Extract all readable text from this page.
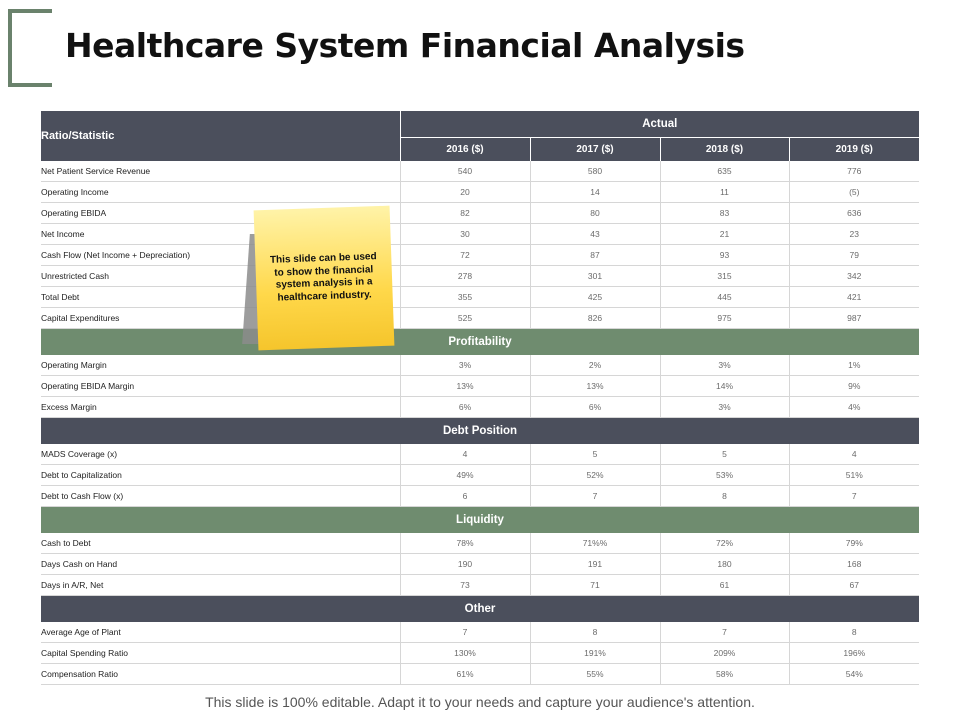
Healthcare System Financial Analysis
Ratio/Statistic	Actual			
	2016 ($)	2017 ($)	2018 ($)	2019 ($)
Net Patient Service Revenue	540	580	635	776
Operating Income	20	14	11	(5)
Operating EBIDA	82	80	83	636
Net Income	30	43	21	23
Cash Flow (Net Income + Depreciation)	72	87	93	79
Unrestricted Cash	278	301	315	342
Total Debt	355	425	445	421
Capital Expenditures	525	826	975	987
Profitability				
Operating Margin	3%	2%	3%	1%
Operating EBIDA Margin	13%	13%	14%	9%
Excess Margin	6%	6%	3%	4%
Debt Position				
MADS Coverage (x)	4	5	5	4
Debt to Capitalization	49%	52%	53%	51%
Debt to Cash Flow (x)	6	7	8	7
Liquidity				
Cash to Debt	78%	71%%	72%	79%
Days Cash on Hand	190	191	180	168
Days in A/R, Net	73	71	61	67
Other				
Average Age of Plant	7	8	7	8
Capital Spending Ratio	130%	191%	209%	196%
Compensation Ratio	61%	55%	58%	54%
This slide can be used to show the financial system analysis in a healthcare industry.
This slide is 100% editable. Adapt it to your needs and capture your audience's attention.
